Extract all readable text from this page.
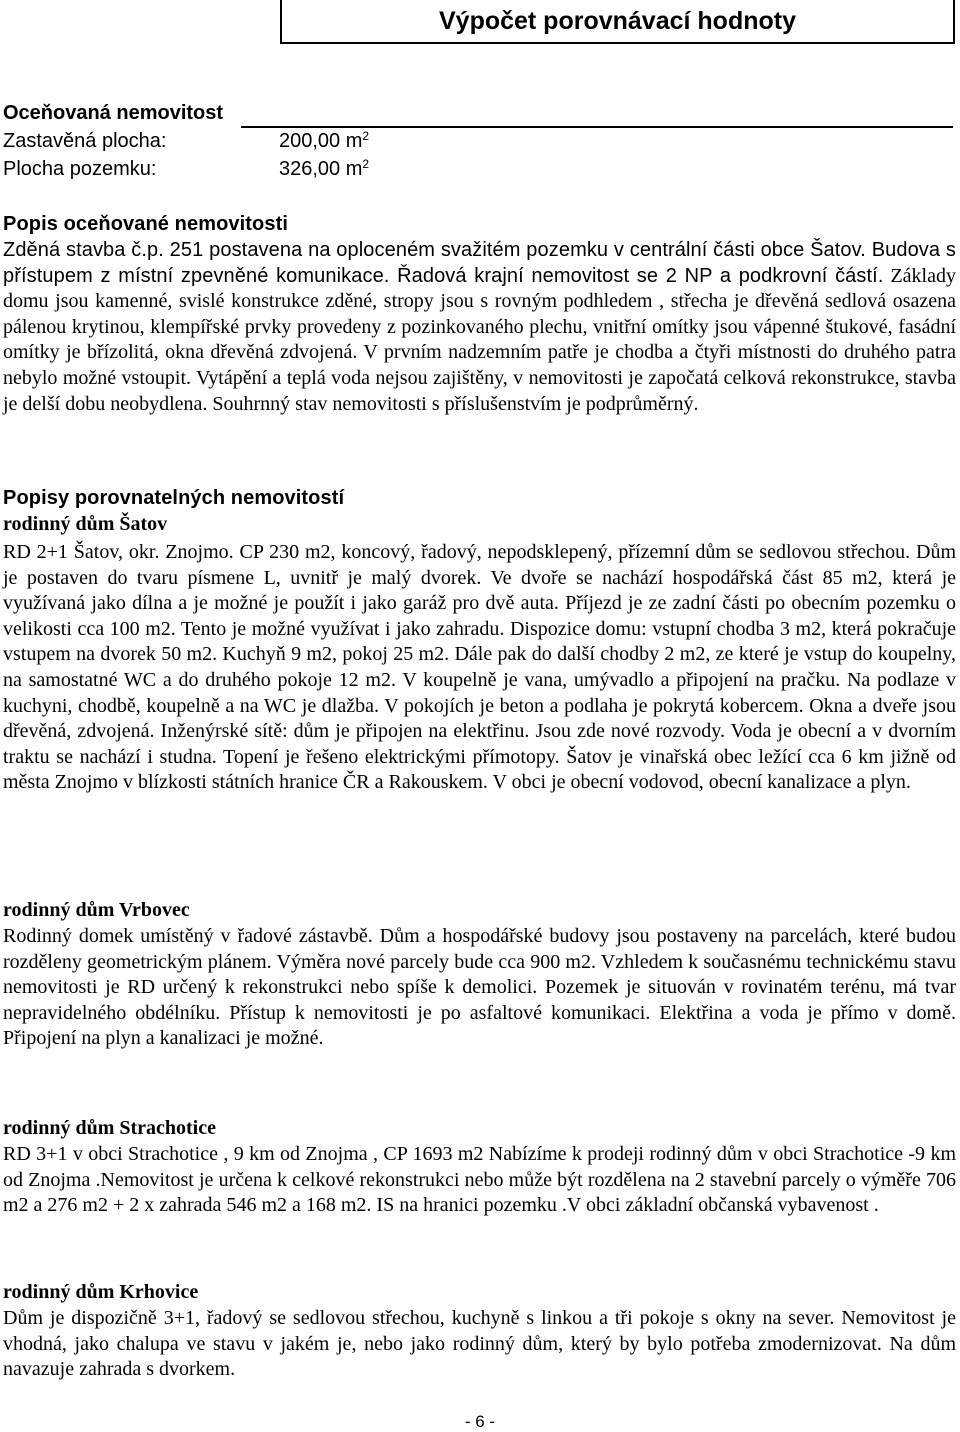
Výpočet porovnávací hodnoty
Oceňovaná nemovitost
Zastavěná plocha:	200,00 $m^2$
Plocha pozemku:	326,00 $m^2$
Popis oceňované nemovitosti

Zděná stavba č.p. 251 postavena na oploceném svažitém pozemku v centrální části obce Šatov. Budova s přístupem z místní zpevněné komunikace. Řadová krajní nemovitost se 2 NP a podkrovní částí. Základy domu jsou kamenné, svislé konstrukce zděné, stropy jsou s rovným podhledem , střecha je dřevěná sedlová osazena pálenou krytinou, klempířské prvky provedeny z pozinkovaného plechu, vnitřní omítky jsou vápenné štukové, fasádní omítky je břízolitá, okna dřevěná zdvojená. V prvním nadzemním patře je chodba a čtyři místnosti do druhého patra nebylo možné vstoupit. Vytápění a teplá voda nejsou zajištěny, v nemovitosti je započatá celková rekonstrukce, stavba je delší dobu neobydlena. Souhrnný stav nemovitosti s příslušenstvím je podprůměrný.

Popisy porovnatelných nemovitostí
rodinný dům Šatov

RD 2+1 Šatov, okr. Znojmo. CP 230 m2, koncový, řadový, nepodsklepený, přízemní dům se sedlovou střechou. Dům je postaven do tvaru písmene L, uvnitř je malý dvorek. Ve dvoře se nachází hospodářská část 85 m2, která je využívaná jako dílna a je možné je použít i jako garáž pro dvě auta. Příjezd je ze zadní části po obecním pozemku o velikosti cca 100 m2. Tento je možné využívat i jako zahradu. Dispozice domu: vstupní chodba 3 m2, která pokračuje vstupem na dvorek 50 m2. Kuchyň 9 m2, pokoj 25 m2. Dále pak do další chodby 2 m2, ze které je vstup do koupelny, na samostatné WC a do druhého pokoje 12 m2. V koupelně je vana, umývadlo a připojení na pračku. Na podlaze v kuchyni, chodbě, koupelně a na WC je dlažba. V pokojích je beton a podlaha je pokrytá kobercem. Okna a dveře jsou dřevěná, zdvojená. Inženýrské sítě: dům je připojen na elektřinu. Jsou zde nové rozvody. Voda je obecní a v dvorním traktu se nachází i studna. Topení je řešeno elektrickými přímotopy. Šatov je vinařská obec ležící cca 6 km jižně od města Znojmo v blízkosti státních hranice ČR a Rakouskem. V obci je obecní vodovod, obecní kanalizace a plyn.

rodinný dům Vrbovec

Rodinný domek umístěný v řadové zástavbě. Dům a hospodářské budovy jsou postaveny na parcelách, které budou rozděleny geometrickým plánem. Výměra nové parcely bude cca 900 m2. Vzhledem k současnému technickému stavu nemovitosti je RD určený k rekonstrukci nebo spíše k demolici. Pozemek je situován v rovinatém terénu, má tvar nepravidelného obdélníku. Přístup k nemovitosti je po asfaltové komunikaci. Elektřina a voda je přímo v domě. Připojení na plyn a kanalizaci je možné.

rodinný dům Strachotice

RD 3+1 v obci Strachotice , 9 km od Znojma , CP 1693 m2 Nabízíme k prodeji rodinný dům v obci Strachotice -9 km od Znojma .Nemovitost je určena k celkové rekonstrukci nebo může být rozdělena na 2 stavební parcely o výměře 706 m2 a 276 m2 + 2 x zahrada 546 m2 a 168 m2. IS na hranici pozemku .V obci základní občanská vybavenost .

rodinný dům Krhovice

Dům je dispozičně 3+1, řadový se sedlovou střechou, kuchyně s linkou a tři pokoje s okny na sever. Nemovitost je vhodná, jako chalupa ve stavu v jakém je, nebo jako rodinný dům, který by bylo potřeba zmodernizovat. Na dům navazuje zahrada s dvorkem.

- 6 -
